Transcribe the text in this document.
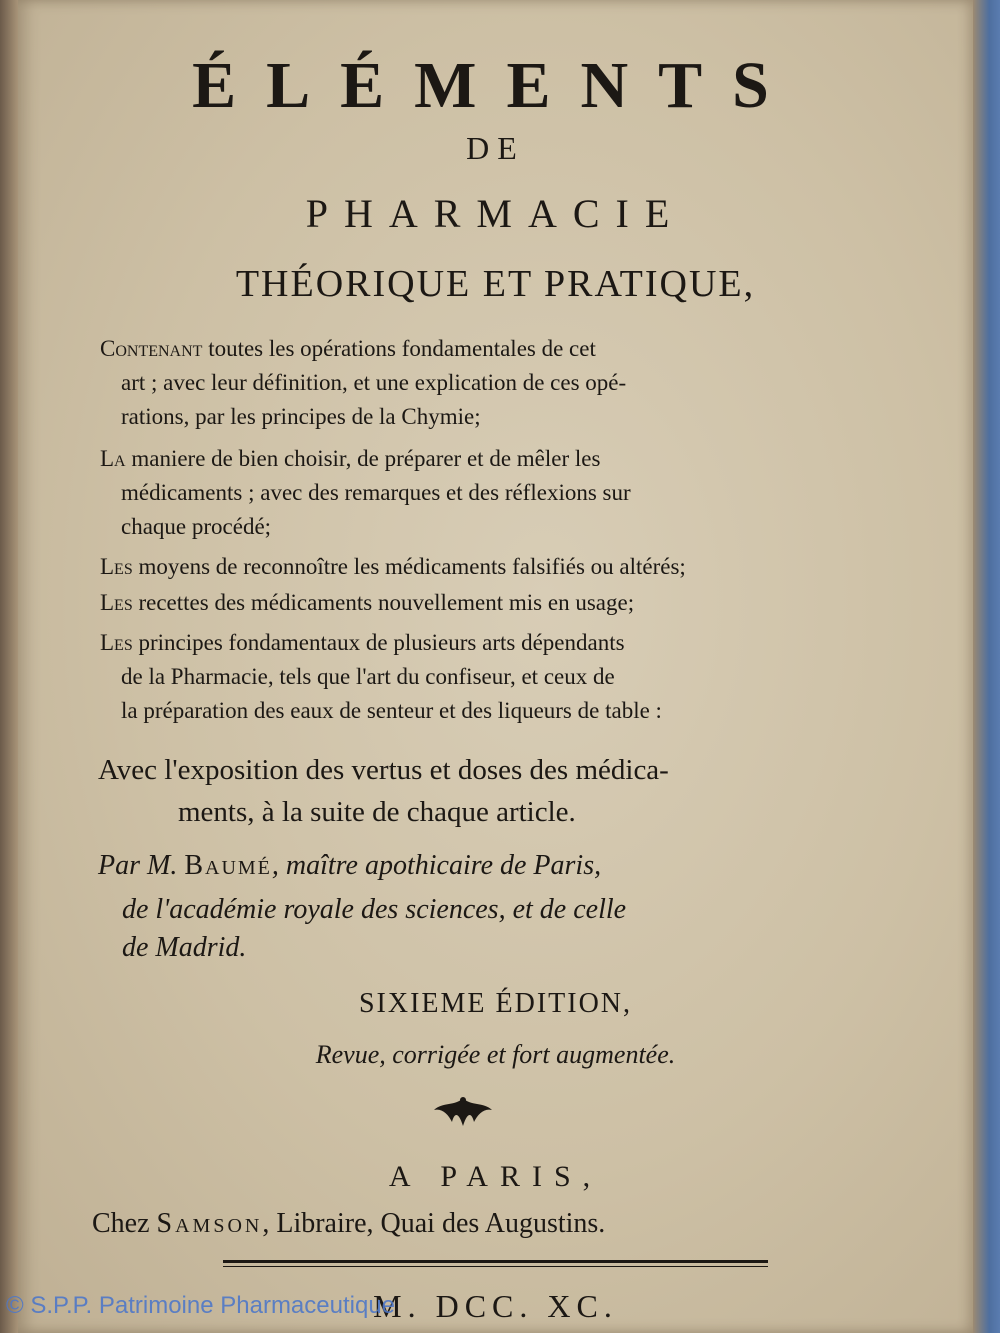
ÉLÉMENTS
DE
PHARMACIE
THÉORIQUE ET PRATIQUE,
Contenant toutes les opérations fondamentales de cet
art ; avec leur définition, et une explication de ces opé-
rations, par les principes de la Chymie;
La maniere de bien choisir, de préparer et de mêler les
médicaments ; avec des remarques et des réflexions sur
chaque procédé;
Les moyens de reconnoître les médicaments falsifiés ou altérés;
Les recettes des médicaments nouvellement mis en usage;
Les principes fondamentaux de plusieurs arts dépendants
de la Pharmacie, tels que l'art du confiseur, et ceux de
la préparation des eaux de senteur et des liqueurs de table :
Avec l'exposition des vertus et doses des médica-
ments, à la suite de chaque article.
Par M. Baumé, maître apothicaire de Paris,
de l'académie royale des sciences, et de celle
de Madrid.
SIXIEME ÉDITION,
Revue, corrigée et fort augmentée.
A PARIS,
Chez Samson, Libraire, Quai des Augustins.
M. DCC. XC.
© S.P.P. Patrimoine Pharmaceutique
